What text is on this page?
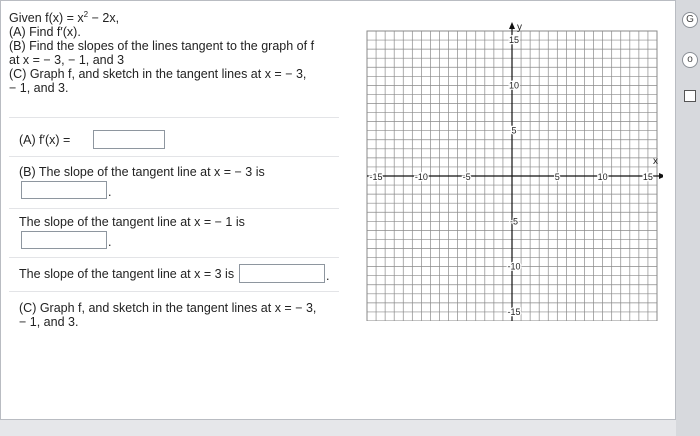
Given $f(x) = x^2 - 2x$,
(A) Find f′(x).
(B) Find the slopes of the lines tangent to the graph of f
at x = − 3, − 1, and 3
(C) Graph f, and sketch in the tangent lines at x = − 3,
− 1, and 3.
(A) f′(x) =
(B) The slope of the tangent line at x = − 3 is
.
The slope of the tangent line at x = − 1 is
.
The slope of the tangent line at x = 3 is	.
(C) Graph f, and sketch in the tangent lines at x = − 3,
− 1, and 3.
x
y
-15	-10	-5	5	10	15
15
10
5
-5
-10
-15
G
o
